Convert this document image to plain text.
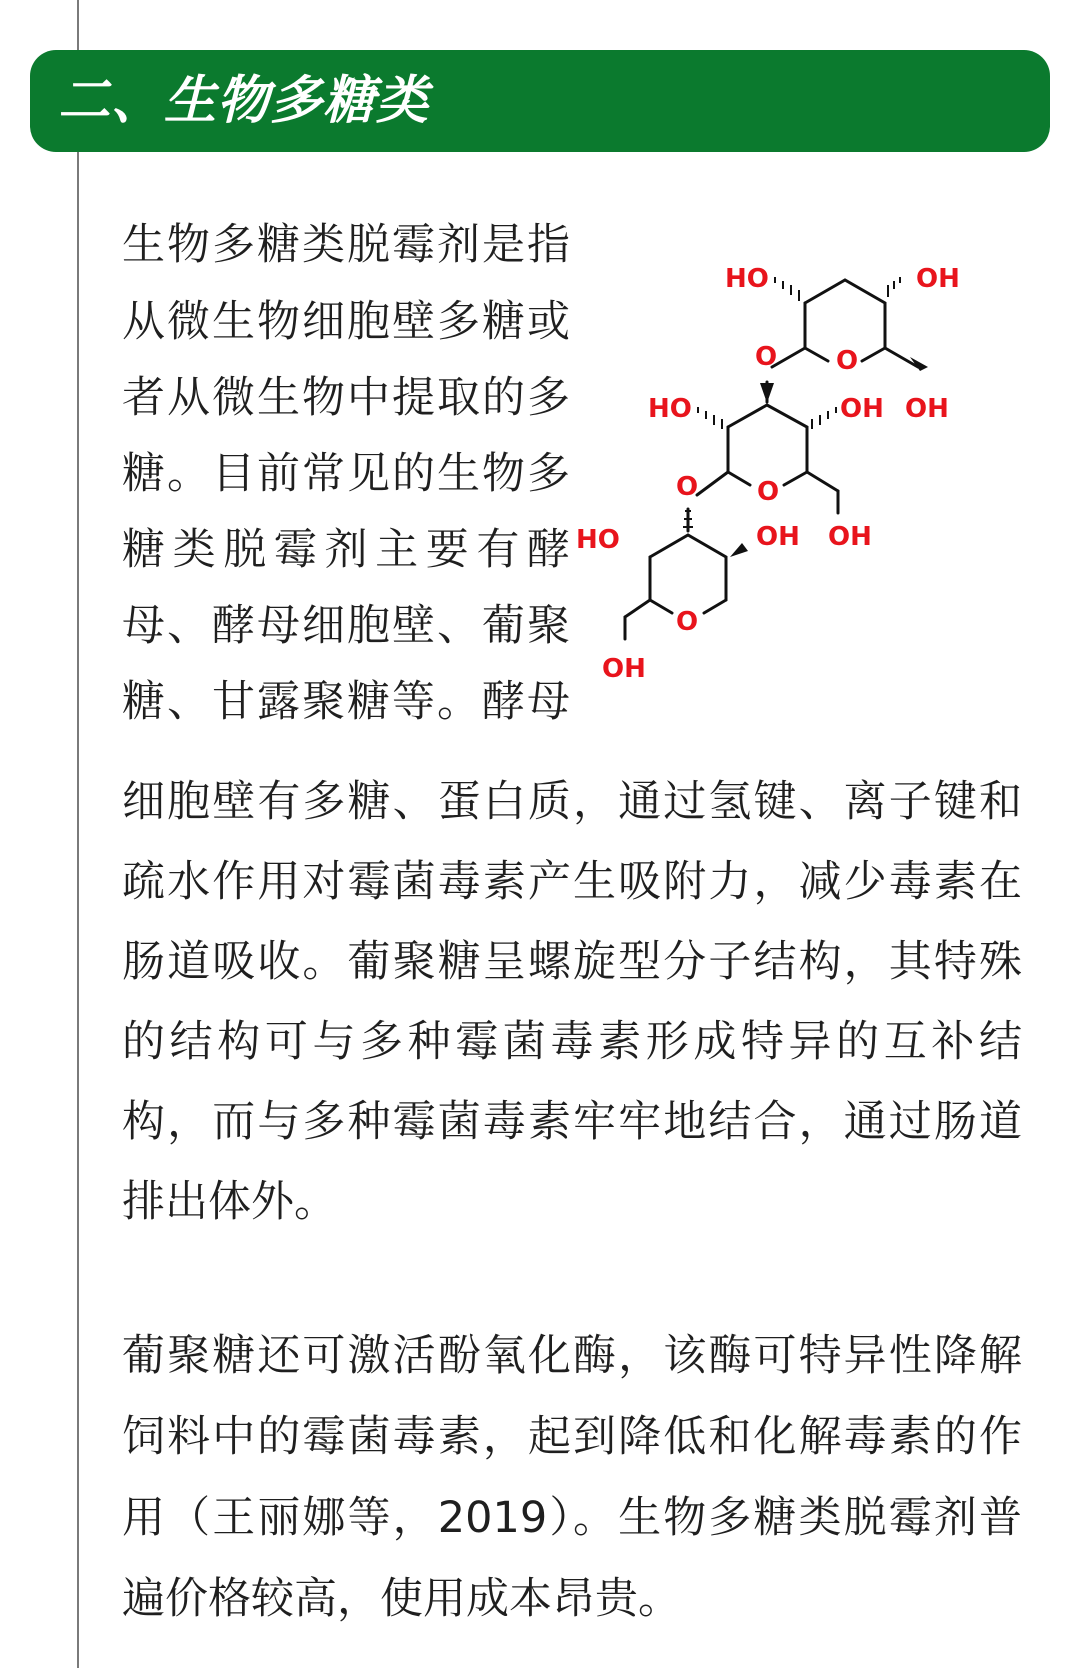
二、生物多糖类
生物多糖类脱霉剂是指
从微生物细胞壁多糖或
者从微生物中提取的多
糖。目前常见的生物多
糖类脱霉剂主要有酵
母、酵母细胞壁、葡聚
糖、甘露聚糖等。酵母

细胞壁有多糖、蛋白质，通过氢键、离子键和疏水作用对霉菌毒素产生吸附力，减少毒素在肠道吸收。葡聚糖呈螺旋型分子结构，其特殊的结构可与多种霉菌毒素形成特异的互补结构，而与多种霉菌毒素牢牢地结合，通过肠道排出体外。

葡聚糖还可激活酚氧化酶，该酶可特异性降解饲料中的霉菌毒素，起到降低和化解毒素的作用（王丽娜等，2019）。生物多糖类脱霉剂普遍价格较高，使用成本昂贵。

HO	OH
O
O
HO	OH OH
O O
HO	OH OH
O
OH
